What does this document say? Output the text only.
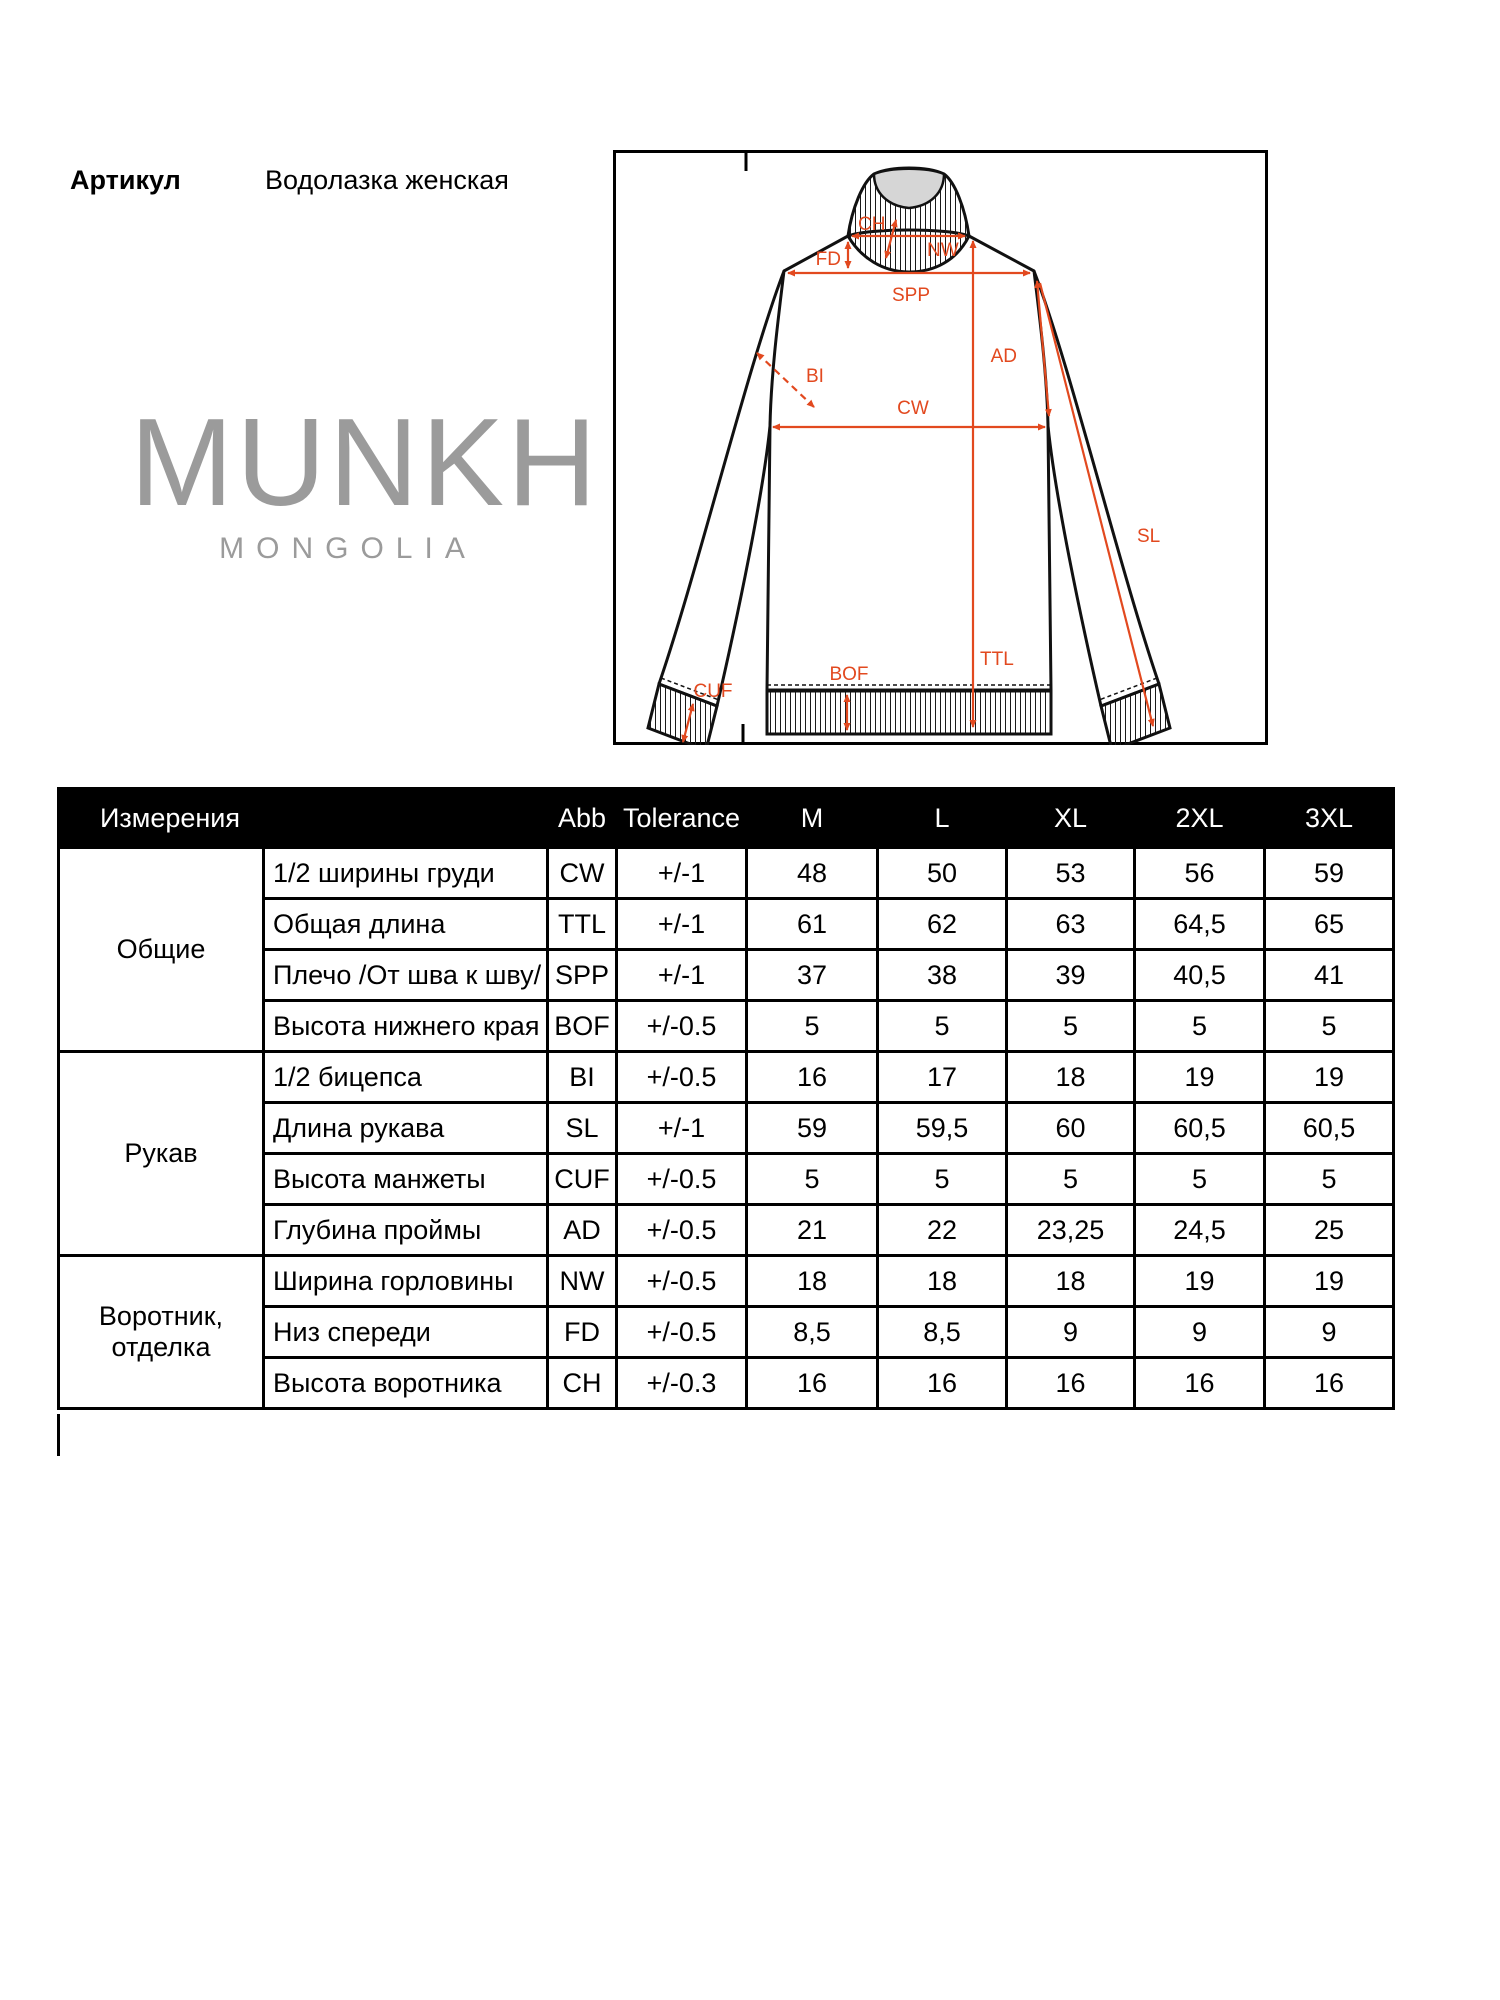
Артикул	Водолазка женская
MUNKH
MONGOLIA
CH
NW
FD
SPP
AD
BI
CW
SL
TTL
BOF
CUF
Измерения		Abb	Tolerance	M	L	XL	2XL	3XL
Общие	1/2 ширины груди	CW	+/-1	48	50	53	56	59
	Общая длина	TTL	+/-1	61	62	63	64,5	65
	Плечо /От шва к шву/	SPP	+/-1	37	38	39	40,5	41
	Высота нижнего края	BOF	+/-0.5	5	5	5	5	5
Рукав	1/2 бицепса	BI	+/-0.5	16	17	18	19	19
	Длина рукава	SL	+/-1	59	59,5	60	60,5	60,5
	Высота манжеты	CUF	+/-0.5	5	5	5	5	5
	Глубина проймы	AD	+/-0.5	21	22	23,25	24,5	25
Воротник, отделка	Ширина горловины	NW	+/-0.5	18	18	18	19	19
	Низ спереди	FD	+/-0.5	8,5	8,5	9	9	9
	Высота воротника	CH	+/-0.3	16	16	16	16	16
